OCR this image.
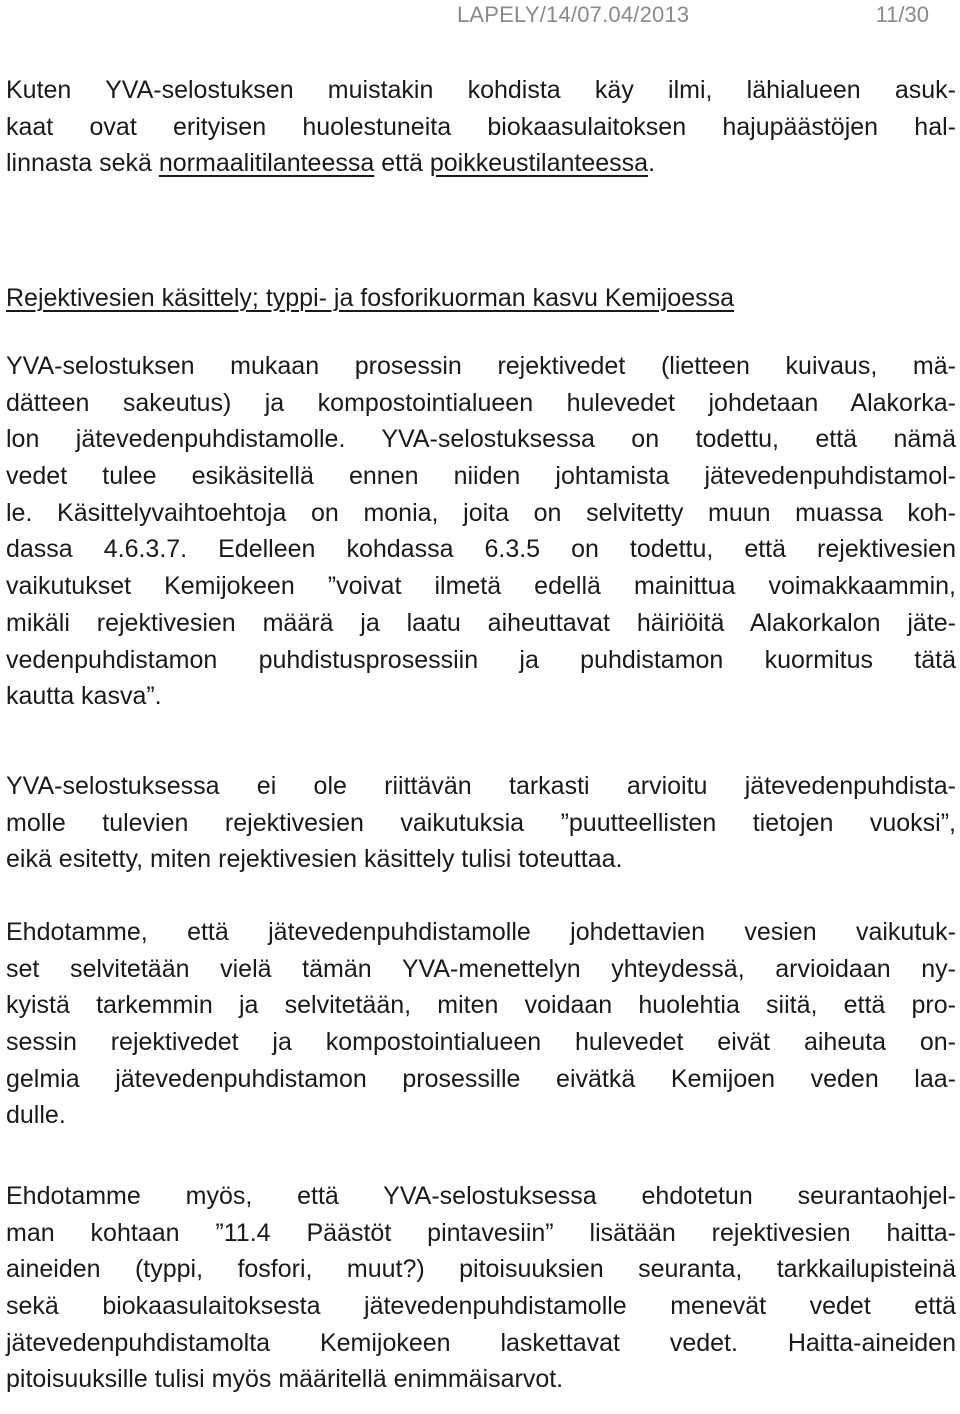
LAPELY/14/07.04/2013	11/30
Kuten YVA-selostuksen muistakin kohdista käy ilmi, lähialueen asuk-
kaat ovat erityisen huolestuneita biokaasulaitoksen hajupäästöjen hal-
linnasta sekä normaalitilanteessa että poikkeustilanteessa.
Rejektivesien käsittely; typpi- ja fosforikuorman kasvu Kemijoessa
YVA-selostuksen mukaan prosessin rejektivedet (lietteen kuivaus, mä-
dätteen sakeutus) ja kompostointialueen hulevedet johdetaan Alakorka-
lon jätevedenpuhdistamolle. YVA-selostuksessa on todettu, että nämä
vedet tulee esikäsitellä ennen niiden johtamista jätevedenpuhdistamol-
le. Käsittelyvaihtoehtoja on monia, joita on selvitetty muun muassa koh-
dassa 4.6.3.7. Edelleen kohdassa 6.3.5 on todettu, että rejektivesien
vaikutukset Kemijokeen ”voivat ilmetä edellä mainittua voimakkaammin,
mikäli rejektivesien määrä ja laatu aiheuttavat häiriöitä Alakorkalon jäte-
vedenpuhdistamon puhdistusprosessiin ja puhdistamon kuormitus tätä
kautta kasva”.
YVA-selostuksessa ei ole riittävän tarkasti arvioitu jätevedenpuhdista-
molle tulevien rejektivesien vaikutuksia ”puutteellisten tietojen vuoksi”,
eikä esitetty, miten rejektivesien käsittely tulisi toteuttaa.
Ehdotamme, että jätevedenpuhdistamolle johdettavien vesien vaikutuk-
set selvitetään vielä tämän YVA-menettelyn yhteydessä, arvioidaan ny-
kyistä tarkemmin ja selvitetään, miten voidaan huolehtia siitä, että pro-
sessin rejektivedet ja kompostointialueen hulevedet eivät aiheuta on-
gelmia jätevedenpuhdistamon prosessille eivätkä Kemijoen veden laa-
dulle.
Ehdotamme myös, että YVA-selostuksessa ehdotetun seurantaohjel-
man kohtaan ”11.4 Päästöt pintavesiin” lisätään rejektivesien haitta-
aineiden (typpi, fosfori, muut?) pitoisuuksien seuranta, tarkkailupisteinä
sekä biokaasulaitoksesta jätevedenpuhdistamolle menevät vedet että
jätevedenpuhdistamolta Kemijokeen laskettavat vedet. Haitta-aineiden
pitoisuuksille tulisi myös määritellä enimmäisarvot.
